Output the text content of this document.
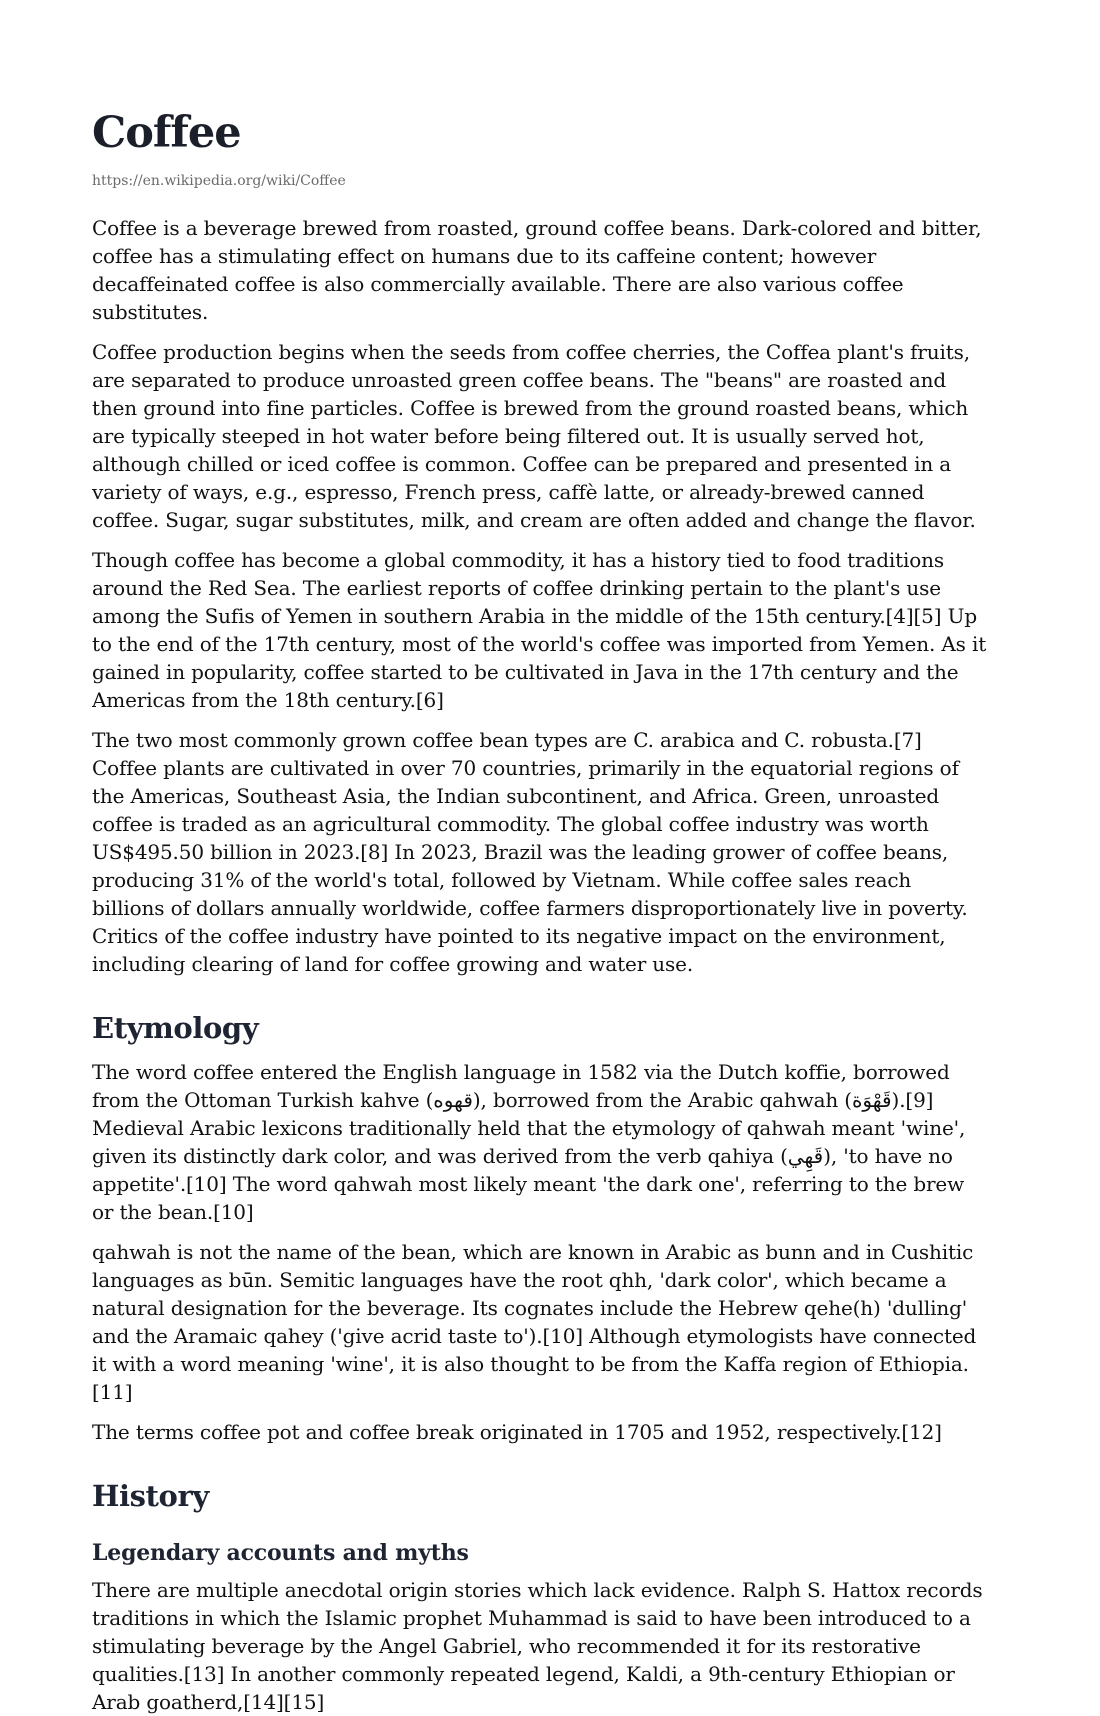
Coffee
https://en.wikipedia.org/wiki/Coffee

Coffee is a beverage brewed from roasted, ground coffee beans. Dark-colored and bitter, coffee has a stimulating effect on humans due to its caffeine content; however decaffeinated coffee is also commercially available. There are also various coffee substitutes.

Coffee production begins when the seeds from coffee cherries, the Coffea plant's fruits, are separated to produce unroasted green coffee beans. The "beans" are roasted and then ground into fine particles. Coffee is brewed from the ground roasted beans, which are typically steeped in hot water before being filtered out. It is usually served hot, although chilled or iced coffee is common. Coffee can be prepared and presented in a variety of ways, e.g., espresso, French press, caffè latte, or already-brewed canned coffee. Sugar, sugar substitutes, milk, and cream are often added and change the flavor.

Though coffee has become a global commodity, it has a history tied to food traditions around the Red Sea. The earliest reports of coffee drinking pertain to the plant's use among the Sufis of Yemen in southern Arabia in the middle of the 15th century.[4][5] Up to the end of the 17th century, most of the world's coffee was imported from Yemen. As it gained in popularity, coffee started to be cultivated in Java in the 17th century and the Americas from the 18th century.[6]

The two most commonly grown coffee bean types are C. arabica and C. robusta.[7] Coffee plants are cultivated in over 70 countries, primarily in the equatorial regions of the Americas, Southeast Asia, the Indian subcontinent, and Africa. Green, unroasted coffee is traded as an agricultural commodity. The global coffee industry was worth US$495.50 billion in 2023.[8] In 2023, Brazil was the leading grower of coffee beans, producing 31% of the world's total, followed by Vietnam. While coffee sales reach billions of dollars annually worldwide, coffee farmers disproportionately live in poverty. Critics of the coffee industry have pointed to its negative impact on the environment, including clearing of land for coffee growing and water use.

Etymology

The word coffee entered the English language in 1582 via the Dutch koffie, borrowed from the Ottoman Turkish kahve (قهوه), borrowed from the Arabic qahwah (قَهْوَة).[9] Medieval Arabic lexicons traditionally held that the etymology of qahwah meant 'wine', given its distinctly dark color, and was derived from the verb qahiya (قَهِي), 'to have no appetite'.[10] The word qahwah most likely meant 'the dark one', referring to the brew or the bean.[10]

qahwah is not the name of the bean, which are known in Arabic as bunn and in Cushitic languages as būn. Semitic languages have the root qhh, 'dark color', which became a natural designation for the beverage. Its cognates include the Hebrew qehe(h) 'dulling' and the Aramaic qahey ('give acrid taste to').[10] Although etymologists have connected it with a word meaning 'wine', it is also thought to be from the Kaffa region of Ethiopia.[11]

The terms coffee pot and coffee break originated in 1705 and 1952, respectively.[12]

History
Legendary accounts and myths

There are multiple anecdotal origin stories which lack evidence. Ralph S. Hattox records traditions in which the Islamic prophet Muhammad is said to have been introduced to a stimulating beverage by the Angel Gabriel, who recommended it for its restorative qualities.[13] In another commonly repeated legend, Kaldi, a 9th-century Ethiopian or Arab goatherd,[14][15]
